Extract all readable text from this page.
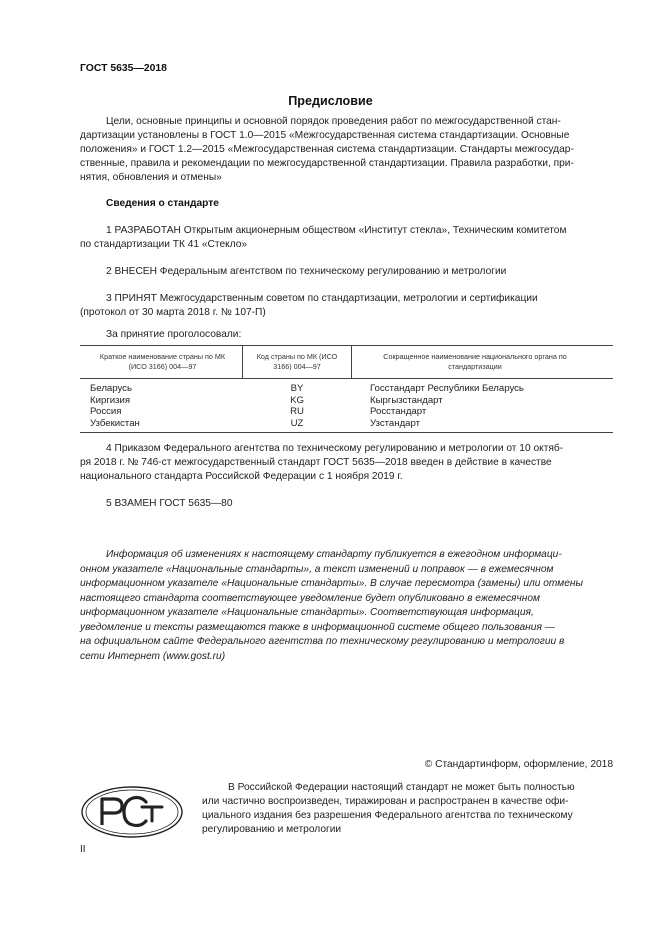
ГОСТ 5635—2018
Предисловие
Цели, основные принципы и основной порядок проведения работ по межгосударственной стан-
дартизации установлены в ГОСТ 1.0—2015 «Межгосударственная система стандартизации. Основные
положения» и ГОСТ 1.2—2015 «Межгосударственная система стандартизации. Стандарты межгосудар-
ственные, правила и рекомендации по межгосударственной стандартизации. Правила разработки, при-
нятия, обновления и отмены»
Сведения о стандарте
1 РАЗРАБОТАН Открытым акционерным обществом «Институт стекла», Техническим комитетом
по стандартизации ТК 41 «Стекло»
2 ВНЕСЕН Федеральным агентством по техническому регулированию и метрологии
3 ПРИНЯТ Межгосударственным советом по стандартизации, метрологии и сертификации
(протокол от 30 марта 2018 г. № 107-П)
За принятие проголосовали:
Краткое наименование страны по МК (ИСО 3166) 004—97
Код страны по МК (ИСО 3166) 004—97
Сокращенное наименование национального органа по стандартизации
Беларусь
Киргизия
Россия
Узбекистан
BY
KG
RU
UZ
Госстандарт Республики Беларусь
Кыргызстандарт
Росстандарт
Узстандарт
4 Приказом Федерального агентства по техническому регулированию и метрологии от 10 октяб-
ря 2018 г. № 746-ст межгосударственный стандарт ГОСТ 5635—2018 введен в действие в качестве
национального стандарта Российской Федерации с 1 ноября 2019 г.
5 ВЗАМЕН ГОСТ 5635—80
Информация об изменениях к настоящему стандарту публикуется в ежегодном информаци-
онном указателе «Национальные стандарты», а текст изменений и поправок — в ежемесячном
информационном указателе «Национальные стандарты». В случае пересмотра (замены) или отмены
настоящего стандарта соответствующее уведомление будет опубликовано в ежемесячном
информационном указателе «Национальные стандарты». Соответствующая информация,
уведомление и тексты размещаются также в информационной системе общего пользования —
на официальном сайте Федерального агентства по техническому регулированию и метрологии в
сети Интернет (www.gost.ru)
© Стандартинформ, оформление, 2018
В Российской Федерации настоящий стандарт не может быть полностью
или частично воспроизведен, тиражирован и распространен в качестве офи-
циального издания без разрешения Федерального агентства по техническому
регулированию и метрологии
II
